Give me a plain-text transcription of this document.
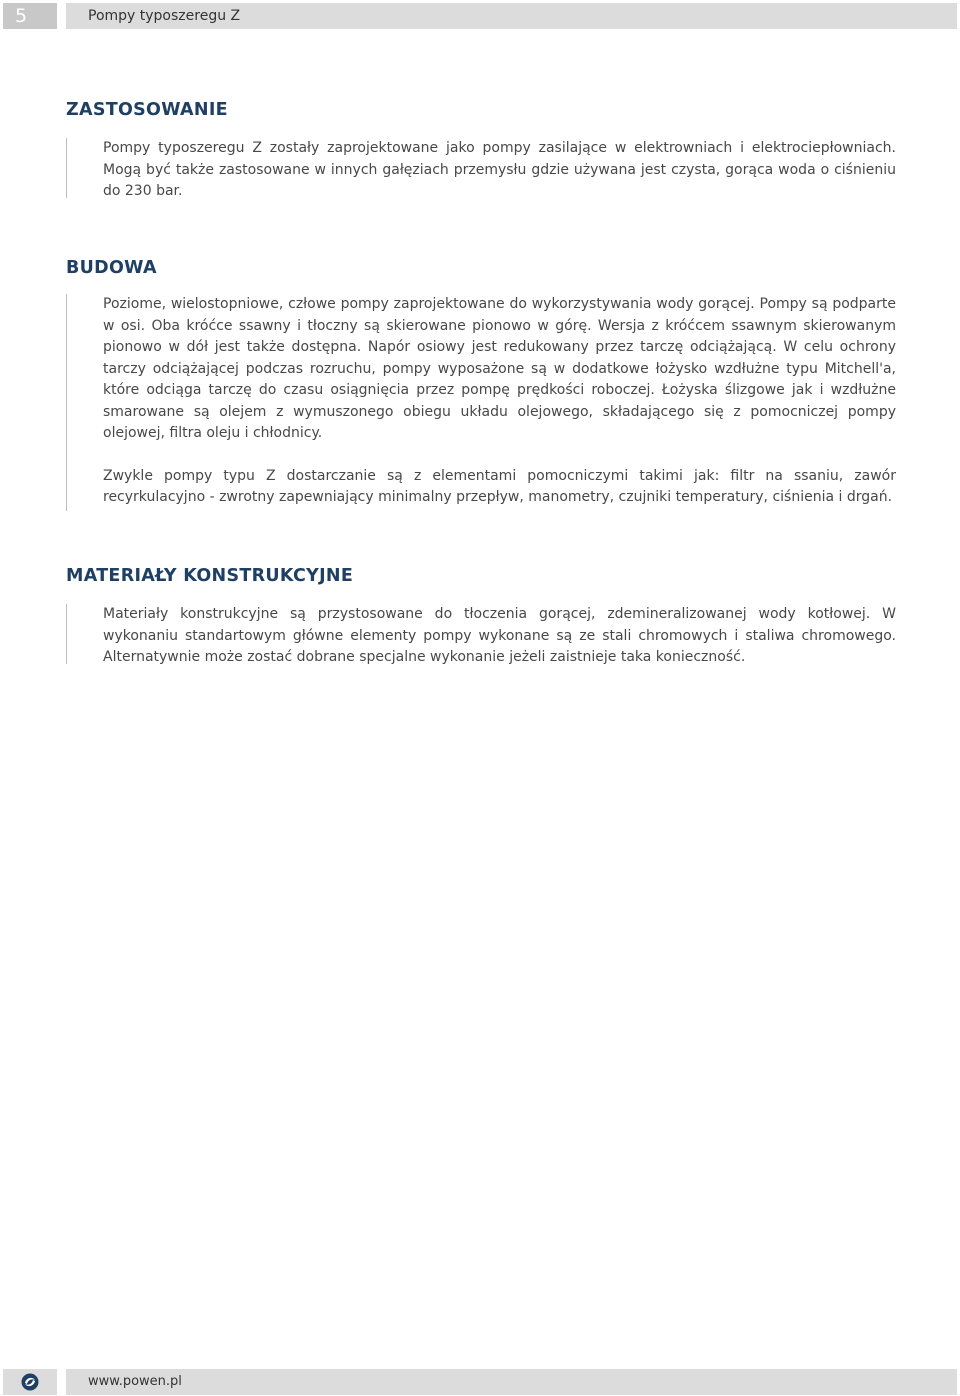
5	Pompy typoszeregu Z
ZASTOSOWANIE

Pompy typoszeregu Z zostały zaprojektowane jako pompy zasilające w elektrowniach i elektrociepłowniach. Mogą być także zastosowane w innych gałęziach przemysłu gdzie używana jest czysta, gorąca woda o ciśnieniu do 230 bar.

BUDOWA

Poziome, wielostopniowe, człowe pompy zaprojektowane do wykorzystywania wody gorącej. Pompy są podparte w osi. Oba króćce ssawny i tłoczny są skierowane pionowo w górę. Wersja z króćcem ssawnym skierowanym pionowo w dół jest także dostępna. Napór osiowy jest redukowany przez tarczę odciążającą. W celu ochrony tarczy odciążającej podczas rozruchu, pompy wyposażone są w dodatkowe łożysko wzdłużne typu Mitchell'a, które odciąga tarczę do czasu osiągnięcia przez pompę prędkości roboczej. Łożyska ślizgowe jak i wzdłużne smarowane są olejem z wymuszonego obiegu układu olejowego, składającego się z pomocniczej pompy olejowej, filtra oleju i chłodnicy.

Zwykle pompy typu Z dostarczanie są z elementami pomocniczymi takimi jak: filtr na ssaniu, zawór recyrkulacyjno - zwrotny zapewniający minimalny przepływ, manometry, czujniki temperatury, ciśnienia i drgań.

MATERIAŁY KONSTRUKCYJNE

Materiały konstrukcyjne są przystosowane do tłoczenia gorącej, zdemineralizowanej wody kotłowej. W wykonaniu standartowym główne elementy pompy wykonane są ze stali chromowych i staliwa chromowego. Alternatywnie może zostać dobrane specjalne wykonanie jeżeli zaistnieje taka konieczność.

www.powen.pl
